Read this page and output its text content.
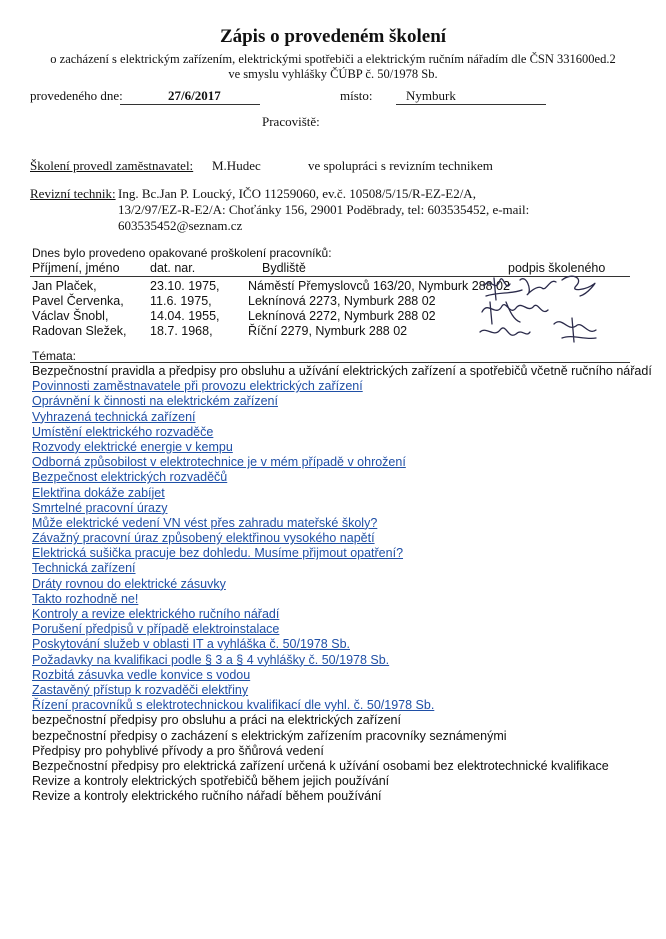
Zápis o provedeném školení
o zacházení s elektrickým zařízením, elektrickými spotřebiči a elektrickým ručním nářadím dle ČSN 331600ed.2
ve smyslu vyhlášky ČÚBP č. 50/1978 Sb.
provedeného dne:	27/6/2017	místo:	Nymburk
Pracoviště:
Školení provedl zaměstnavatel: M.Hudec	ve spolupráci s revizním technikem
Revizní technik: Ing. Bc.Jan P. Loucký, IČO 11259060, ev.č. 10508/5/15/R-EZ-E2/A,
13/2/97/EZ-R-E2/A: Choťánky 156, 29001 Poděbrady, tel: 603535452, e-mail:
603535452@seznam.cz
Dnes bylo provedeno opakované proškolení pracovníků:
Příjmení, jméno dat. nar.	Bydliště	podpis školeného
Jan Plaček,	23.10. 1975, Náměstí Přemyslovců 163/20, Nymburk 288 02
Pavel Červenka, 11.6. 1975,	Leknínová 2273, Nymburk 288 02
Václav Šnobl,	14.04. 1955, Leknínová 2272, Nymburk 288 02
Radovan Sležek, 18.7. 1968,	Říční 2279, Nymburk 288 02
Témata:
Bezpečnostní pravidla a předpisy pro obsluhu a užívání elektrických zařízení a spotřebičů včetně ručního nářadí
Povinnosti zaměstnavatele při provozu elektrických zařízení
Oprávnění k činnosti na elektrickém zařízení
Vyhrazená technická zařízení
Umístění elektrického rozvaděče
Rozvody elektrické energie v kempu
Odborná způsobilost v elektrotechnice je v mém případě v ohrožení
Bezpečnost elektrických rozvaděčů
Elektřina dokáže zabíjet
Smrtelné pracovní úrazy
Může elektrické vedení VN vést přes zahradu mateřské školy?
Závažný pracovní úraz způsobený elektřinou vysokého napětí
Elektrická sušička pracuje bez dohledu. Musíme přijmout opatření?
Technická zařízení
Dráty rovnou do elektrické zásuvky
Takto rozhodně ne!
Kontroly a revize elektrického ručního nářadí
Porušení předpisů v případě elektroinstalace
Poskytování služeb v oblasti IT a vyhláška č. 50/1978 Sb.
Požadavky na kvalifikaci podle § 3 a § 4 vyhlášky č. 50/1978 Sb.
Rozbitá zásuvka vedle konvice s vodou
Zastavěný přístup k rozvaděči elektřiny
Řízení pracovníků s elektrotechnickou kvalifikací dle vyhl. č. 50/1978 Sb.
bezpečnostní předpisy pro obsluhu a práci na elektrických zařízení
bezpečnostní předpisy o zacházení s elektrickým zařízením pracovníky seznámenými
Předpisy pro pohyblivé přívody a pro šňůrová vedení
Bezpečnostní předpisy pro elektrická zařízení určená k užívání osobami bez elektrotechnické kvalifikace
Revize a kontroly elektrických spotřebičů během jejich používání
Revize a kontroly elektrického ručního nářadí během používání
